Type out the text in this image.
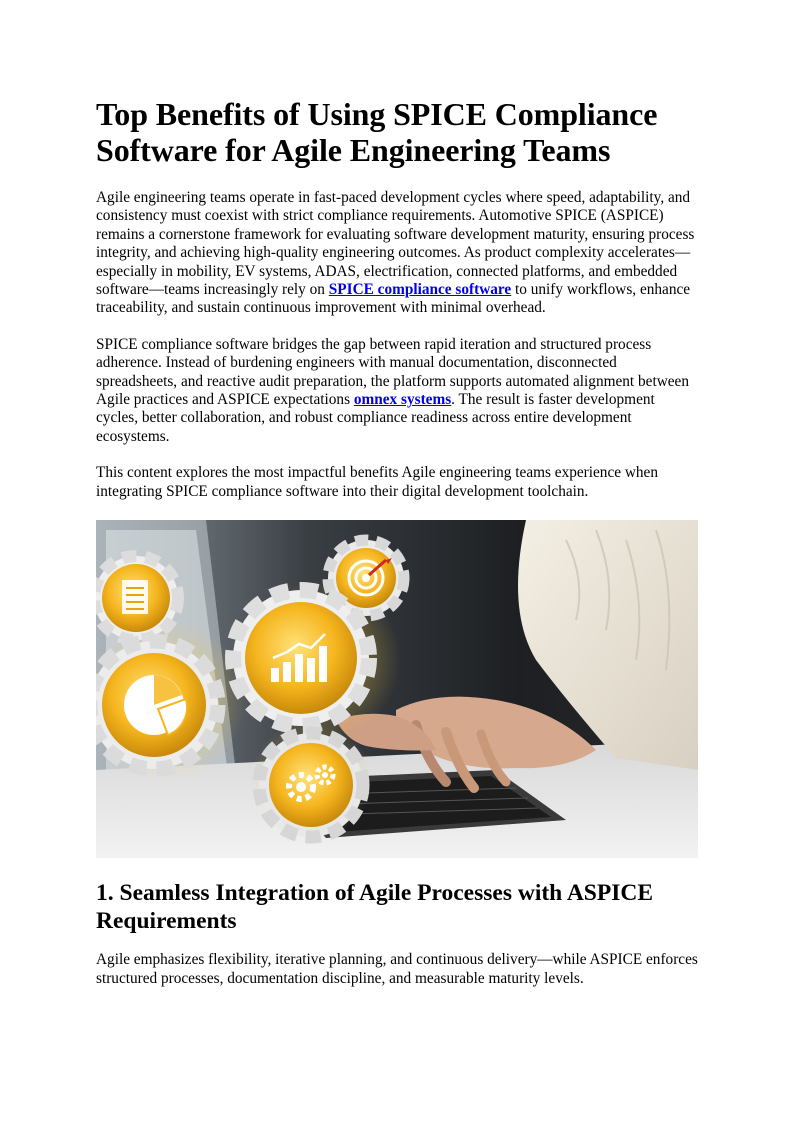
Top Benefits of Using SPICE Compliance Software for Agile Engineering Teams

Agile engineering teams operate in fast-paced development cycles where speed, adaptability, and consistency must coexist with strict compliance requirements. Automotive SPICE (ASPICE) remains a cornerstone framework for evaluating software development maturity, ensuring process integrity, and achieving high-quality engineering outcomes. As product complexity accelerates—especially in mobility, EV systems, ADAS, electrification, connected platforms, and embedded software—teams increasingly rely on SPICE compliance software to unify workflows, enhance traceability, and sustain continuous improvement with minimal overhead.

SPICE compliance software bridges the gap between rapid iteration and structured process adherence. Instead of burdening engineers with manual documentation, disconnected spreadsheets, and reactive audit preparation, the platform supports automated alignment between Agile practices and ASPICE expectations omnex systems. The result is faster development cycles, better collaboration, and robust compliance readiness across entire development ecosystems.

This content explores the most impactful benefits Agile engineering teams experience when integrating SPICE compliance software into their digital development toolchain.

1. Seamless Integration of Agile Processes with ASPICE Requirements

Agile emphasizes flexibility, iterative planning, and continuous delivery—while ASPICE enforces structured processes, documentation discipline, and measurable maturity levels.
